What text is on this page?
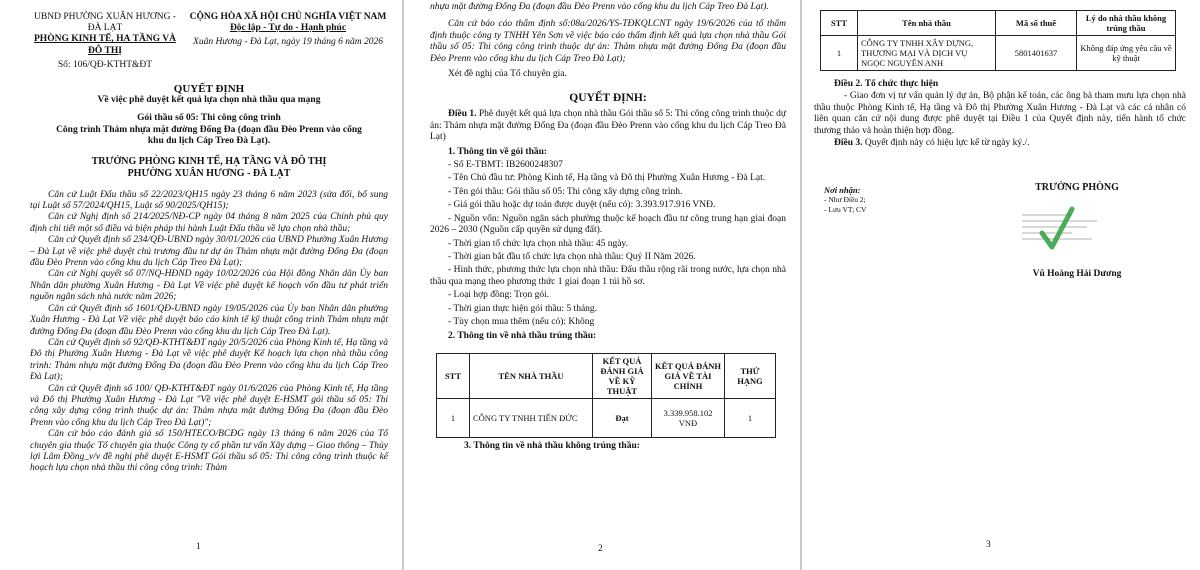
UBND PHƯỜNG XUÂN HƯƠNG - ĐÀ LẠT

PHÒNG KINH TẾ, HẠ TẦNG VÀ ĐÔ THỊ

Số: 106/QĐ-KTHT&ĐT

CỘNG HÒA XÃ HỘI CHỦ NGHĨA VIỆT NAM

Độc lập - Tự do - Hạnh phúc

Xuân Hương - Đà Lạt, ngày 19 tháng 6 năm 2026

QUYẾT ĐỊNH

Về việc phê duyệt kết quả lựa chọn nhà thầu qua mạng

Gói thầu số 05: Thi công công trình

Công trình Thảm nhựa mặt đường Đống Đa (đoạn đầu Đèo Prenn vào cổng

khu du lịch Cáp Treo Đà Lạt).

TRƯỞNG PHÒNG KINH TẾ, HẠ TẦNG VÀ ĐÔ THỊ

PHƯỜNG XUÂN HƯƠNG - ĐÀ LẠT

Căn cứ Luật Đấu thầu số 22/2023/QH15 ngày 23 tháng 6 năm 2023 (sửa đổi, bổ sung tại Luật số 57/2024/QH15, Luật số 90/2025/QH15);

Căn cứ Nghị định số 214/2025/NĐ-CP ngày 04 tháng 8 năm 2025 của Chính phủ quy định chi tiết một số điều và biện pháp thi hành Luật Đấu thầu về lựa chọn nhà thầu;

Căn cứ Quyết định số 234/QĐ-UBND ngày 30/01/2026 của UBND Phường Xuân Hương – Đà Lạt về việc phê duyệt chủ trương đầu tư dự án Thảm nhựa mặt đường Đống Đa (đoạn đầu Đèo Prenn vào cổng khu du lịch Cáp Treo Đà Lạt);

Căn cứ Nghị quyết số 07/NQ-HĐND ngày 10/02/2026 của Hội đồng Nhân dân Ủy ban Nhân dân phường Xuân Hương - Đà Lạt Về việc phê duyệt kế hoạch vốn đầu tư phát triển nguồn ngân sách nhà nước năm 2026;

Căn cứ Quyết định số 1601/QĐ-UBND ngày 19/05/2026 của Ủy ban Nhân dân phường Xuân Hương - Đà Lạt Về việc phê duyệt báo cáo kinh tế kỹ thuật công trình Thảm nhựa mặt đường Đống Đa (đoạn đầu Đèo Prenn vào cổng khu du lịch Cáp Treo Đà Lạt).

Căn cứ Quyết định số 92/QĐ-KTHT&ĐT ngày 20/5/2026 của Phòng Kinh tế, Hạ tầng và Đô thị Phường Xuân Hương - Đà Lạt về việc phê duyệt Kế hoạch lựa chọn nhà thầu công trình: Thảm nhựa mặt đường Đống Đa (đoạn đầu Đèo Prenn vào cổng khu du lịch Cáp Treo Đà Lạt);

Căn cứ Quyết định số 100/ QĐ-KTHT&ĐT ngày 01/6/2026 của Phòng Kinh tế, Hạ tầng và Đô thị Phường Xuân Hương - Đà Lạt "Về việc phê duyệt E-HSMT gói thầu số 05: Thi công xây dựng công trình thuộc dự án: Thảm nhựa mặt đường Đống Đa (đoạn đầu Đèo Prenn vào cổng khu du lịch Cáp Treo Đà Lạt)";

Căn cứ báo cáo đánh giá số 150/HTECO/BCĐG ngày 13 tháng 6 năm 2026 của Tổ chuyên gia thuộc Tổ chuyên gia thuộc Công ty cổ phần tư vấn Xây dựng – Giao thông – Thủy lợi Lâm Đồng_v/v đề nghị phê duyệt E-HSMT Gói thầu số 05: Thi công công trình thuộc kế hoạch lựa chọn nhà thầu thi công công trình: Thảm

1

nhựa mặt đường Đống Đa (đoạn đầu Đèo Prenn vào cổng khu du lịch Cáp Treo Đà Lạt).

Căn cứ báo cáo thẩm định số:08a/2026/YS-TĐKQLCNT ngày 19/6/2026 của tổ thẩm định thuộc công ty TNHH Yên Sơn về việc báo cáo thẩm định kết quả lựa chọn nhà thầu Gói thầu số 05: Thi công công trình thuộc dự án: Thảm nhựa mặt đường Đống Đa (đoạn đầu Đèo Prenn vào cổng khu du lịch Cáp Treo Đà Lạt);

Xét đề nghị của Tổ chuyên gia.

QUYẾT ĐỊNH:

Điều 1. Phê duyệt kết quả lựa chọn nhà thầu Gói thầu số 5: Thi công công trình thuộc dự án: Thảm nhựa mặt đường Đống Đa (đoạn đầu Đèo Prenn vào cổng khu du lịch Cáp Treo Đà Lạt)

1. Thông tin về gói thầu:

- Số E-TBMT: IB2600248307

- Tên Chủ đầu tư: Phòng Kinh tế, Hạ tầng và Đô thị Phường Xuân Hương - Đà Lạt.

- Tên gói thầu: Gói thầu số 05: Thi công xây dựng công trình.

- Giá gói thầu hoặc dự toán được duyệt (nếu có): 3.393.917.916 VNĐ.

- Nguồn vốn: Nguồn ngân sách phường thuộc kế hoạch đầu tư công trung hạn giai đoạn 2026 – 2030 (Nguồn cấp quyền sử dụng đất).

- Thời gian tổ chức lựa chọn nhà thầu: 45 ngày.

- Thời gian bắt đầu tổ chức lựa chọn nhà thầu: Quý II Năm 2026.

- Hình thức, phương thức lựa chọn nhà thầu: Đấu thầu rộng rãi trong nước, lựa chọn nhà thầu qua mạng theo phương thức 1 giai đoạn 1 túi hồ sơ.

- Loại hợp đồng: Trọn gói.

- Thời gian thực hiện gói thầu: 5 tháng.

- Tùy chọn mua thêm (nếu có): Không

2. Thông tin về nhà thầu trúng thầu:

STT	TÊN NHÀ THẦU	KẾT QUẢ ĐÁNH GIÁ VỀ KỸ THUẬT	KẾT QUẢ ĐÁNH GIÁ VỀ TÀI CHÍNH	THỨ HẠNG
1	CÔNG TY TNHH TIẾN ĐỨC	Đạt	3.339.958.102 VNĐ	1

3. Thông tin về nhà thầu không trúng thầu:

2
STT	Tên nhà thầu	Mã số thuế	Lý do nhà thầu không trúng thầu
1	CÔNG TY TNHH XÂY DỰNG, THƯƠNG MẠI VÀ DỊCH VỤ NGỌC NGUYÊN ANH	5801401637	Không đáp ứng yêu cầu về kỹ thuật

Điều 2. Tổ chức thực hiện

- Giao đơn vị tư vấn quản lý dự án, Bộ phận kế toán, các ông bà tham mưu lựa chọn nhà thầu thuộc Phòng Kinh tế, Hạ tầng và Đô thị Phường Xuân Hương - Đà Lạt và các cá nhân có liên quan căn cứ nội dung được phê duyệt tại Điều 1 của Quyết định này, tiến hành tổ chức thương thảo và hoàn thiện hợp đồng.

Điều 3. Quyết định này có hiệu lực kể từ ngày ký./.

Nơi nhận:

- Như Điều 2;

- Lưu VT; CV

TRƯỞNG PHÒNG

Vũ Hoàng Hải Dương

3
